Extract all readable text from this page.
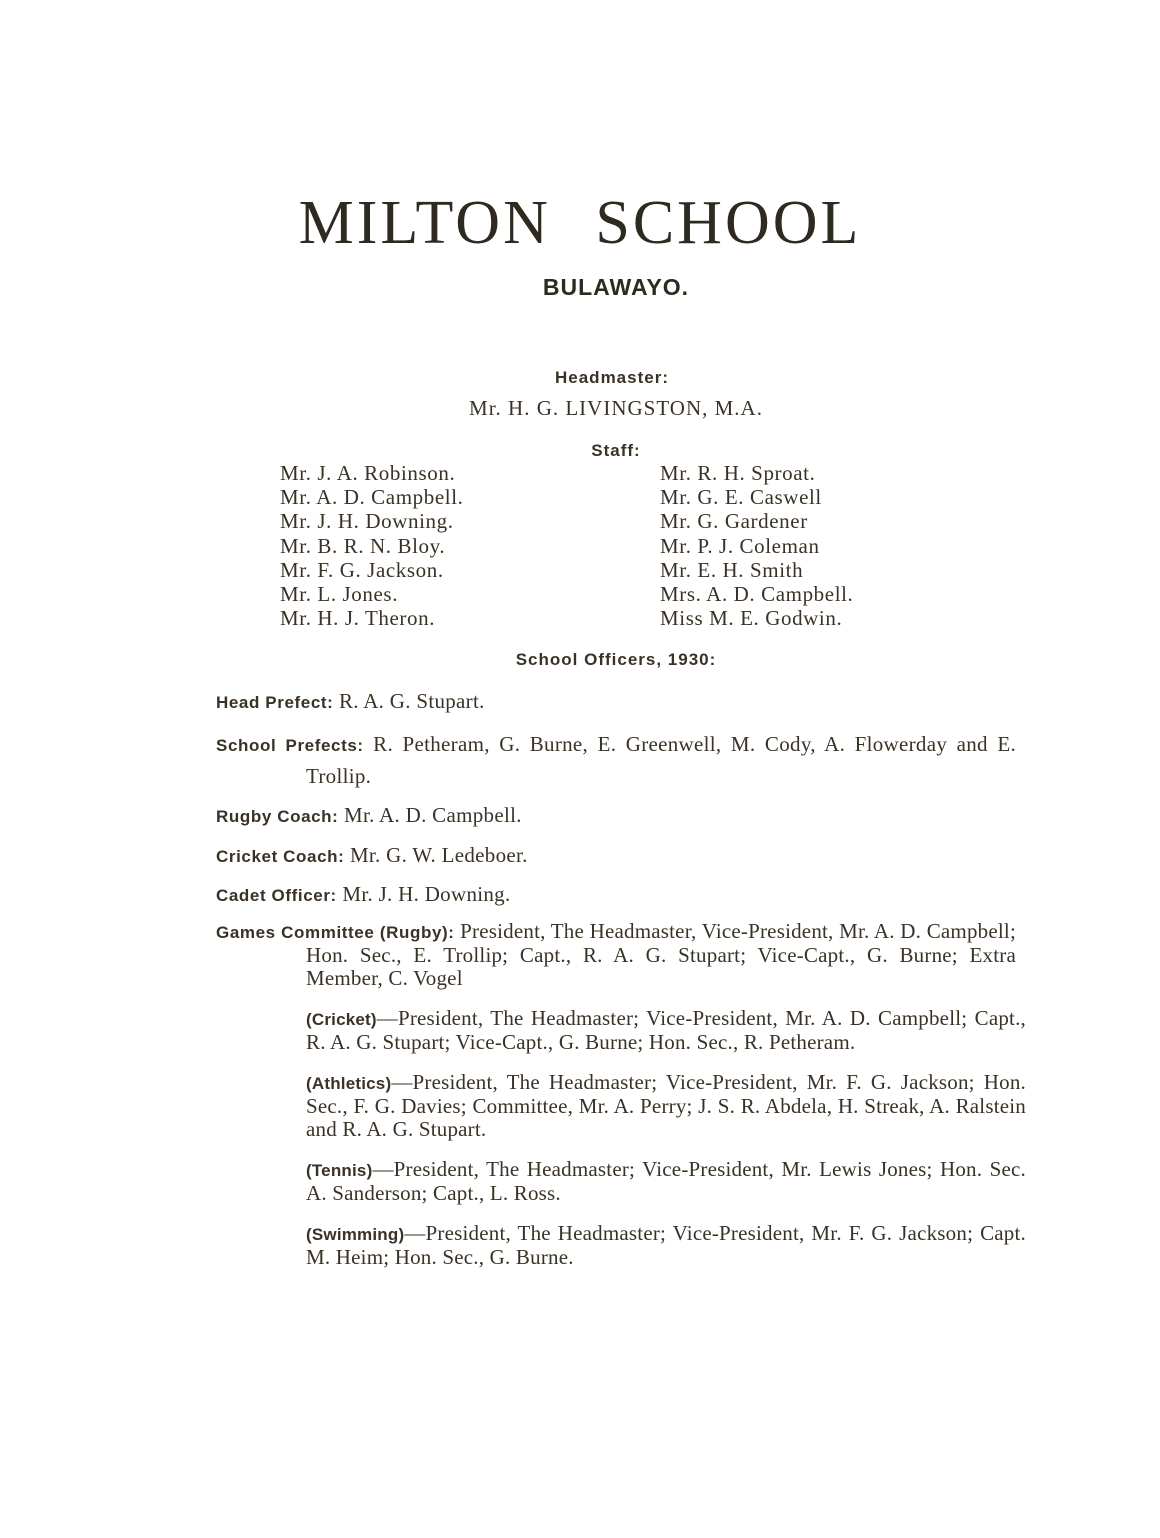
MILTON SCHOOL
BULAWAYO.
Headmaster:
Mr. H. G. LIVINGSTON, M.A.
Staff:
Mr. J. A. Robinson.
Mr. A. D. Campbell.
Mr. J. H. Downing.
Mr. B. R. N. Bloy.
Mr. F. G. Jackson.
Mr. L. Jones.
Mr. H. J. Theron.
Mr. R. H. Sproat.
Mr. G. E. Caswell
Mr. G. Gardener
Mr. P. J. Coleman
Mr. E. H. Smith
Mrs. A. D. Campbell.
Miss M. E. Godwin.
School Officers, 1930:
Head Prefect: R. A. G. Stupart.
School Prefects: R. Petheram, G. Burne, E. Greenwell, M. Cody, A. Flowerday and E. Trollip.
Rugby Coach: Mr. A. D. Campbell.
Cricket Coach: Mr. G. W. Ledeboer.
Cadet Officer: Mr. J. H. Downing.
Games Committee (Rugby): President, The Headmaster, Vice-President, Mr. A. D. Campbell; Hon. Sec., E. Trollip; Capt., R. A. G. Stupart; Vice-Capt., G. Burne; Extra Member, C. Vogel
(Cricket)—President, The Headmaster; Vice-President, Mr. A. D. Campbell; Capt., R. A. G. Stupart; Vice-Capt., G. Burne; Hon. Sec., R. Petheram.
(Athletics)—President, The Headmaster; Vice-President, Mr. F. G. Jackson; Hon. Sec., F. G. Davies; Committee, Mr. A. Perry; J. S. R. Abdela, H. Streak, A. Ralstein and R. A. G. Stupart.
(Tennis)—President, The Headmaster; Vice-President, Mr. Lewis Jones; Hon. Sec. A. Sanderson; Capt., L. Ross.
(Swimming)—President, The Headmaster; Vice-President, Mr. F. G. Jackson; Capt. M. Heim; Hon. Sec., G. Burne.
